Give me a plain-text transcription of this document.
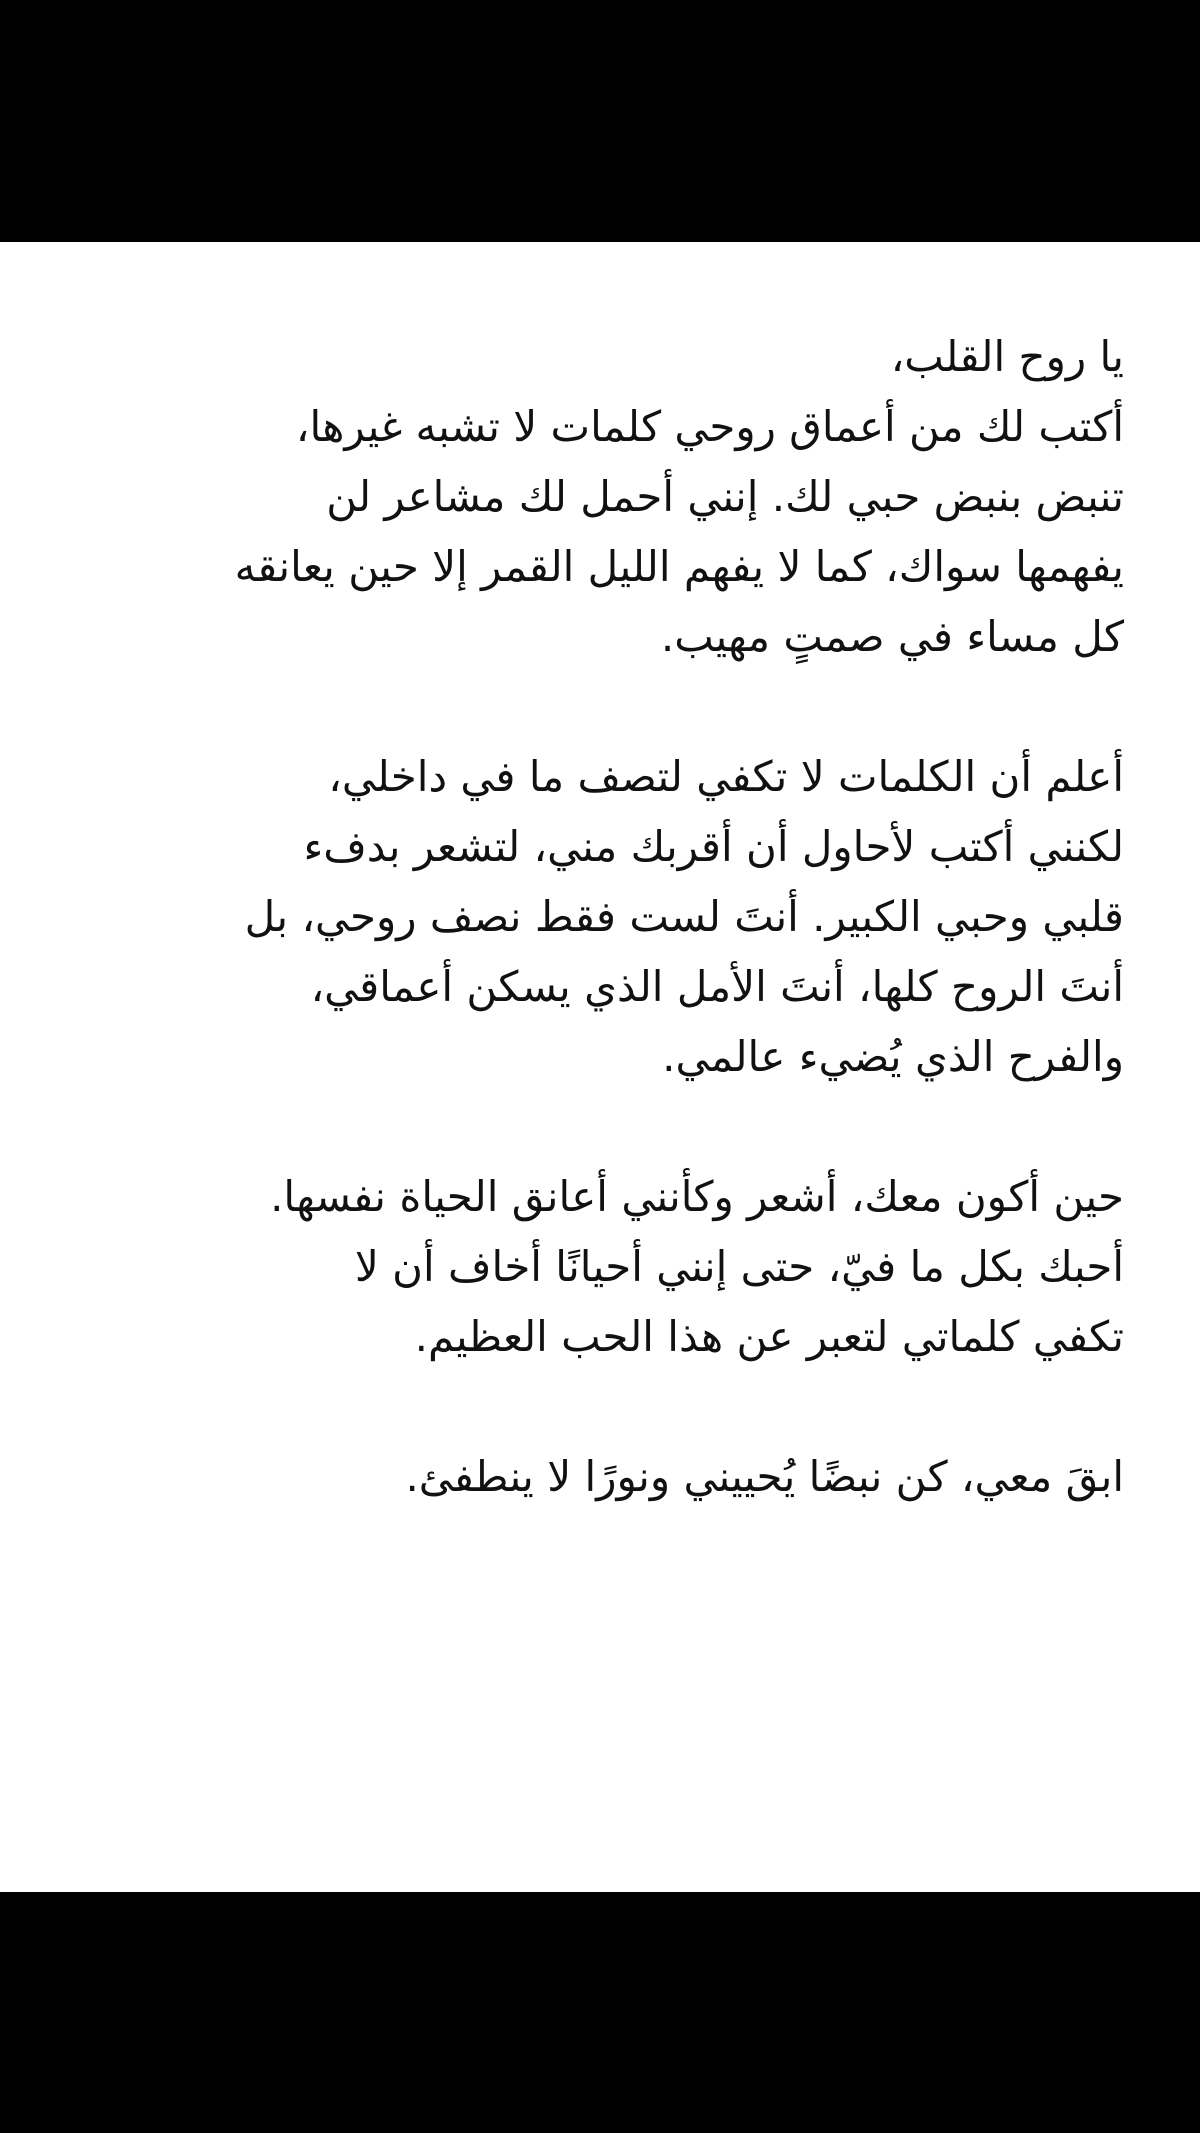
يا روح القلب،
أكتب لك من أعماق روحي كلمات لا تشبه غيرها،
تنبض بنبض حبي لك. إنني أحمل لك مشاعر لن
يفهمها سواك، كما لا يفهم الليل القمر إلا حين يعانقه
كل مساء في صمتٍ مهيب.
أعلم أن الكلمات لا تكفي لتصف ما في داخلي،
لكنني أكتب لأحاول أن أقربك مني، لتشعر بدفء
قلبي وحبي الكبير. أنتَ لست فقط نصف روحي، بل
أنتَ الروح كلها، أنتَ الأمل الذي يسكن أعماقي،
والفرح الذي يُضيء عالمي.
حين أكون معك، أشعر وكأنني أعانق الحياة نفسها.
أحبك بكل ما فيّ، حتى إنني أحيانًا أخاف أن لا
تكفي كلماتي لتعبر عن هذا الحب العظيم.
ابقَ معي، كن نبضًا يُحييني ونورًا لا ينطفئ.
